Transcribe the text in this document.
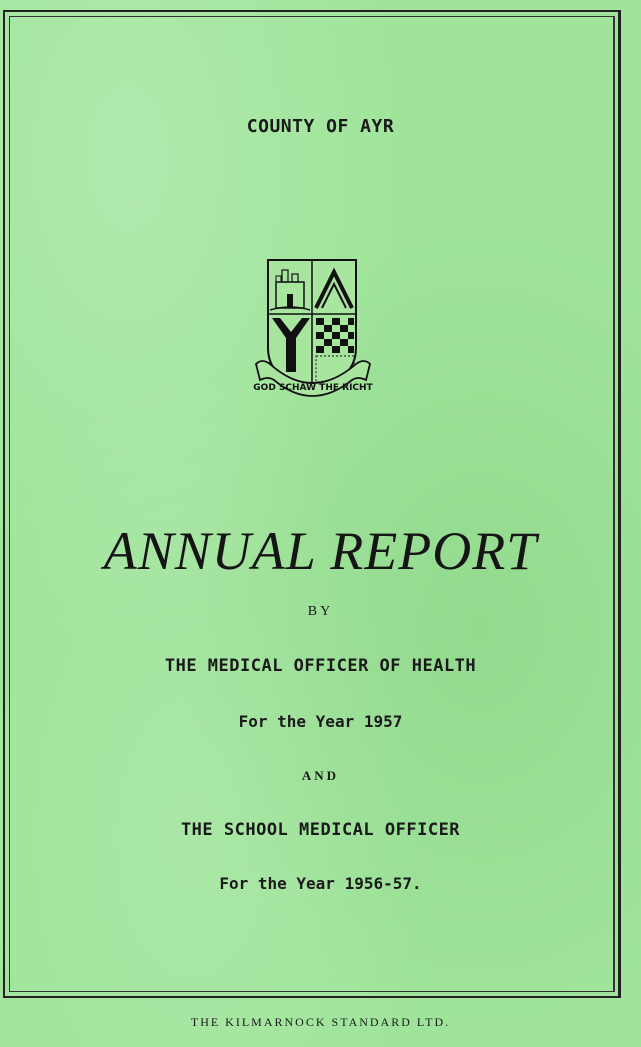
COUNTY OF AYR
GOD SCHAW THE RICHT
ANNUAL REPORT
BY
THE MEDICAL OFFICER OF HEALTH
For the Year 1957
AND
THE SCHOOL MEDICAL OFFICER
For the Year 1956-57.
THE KILMARNOCK STANDARD LTD.
